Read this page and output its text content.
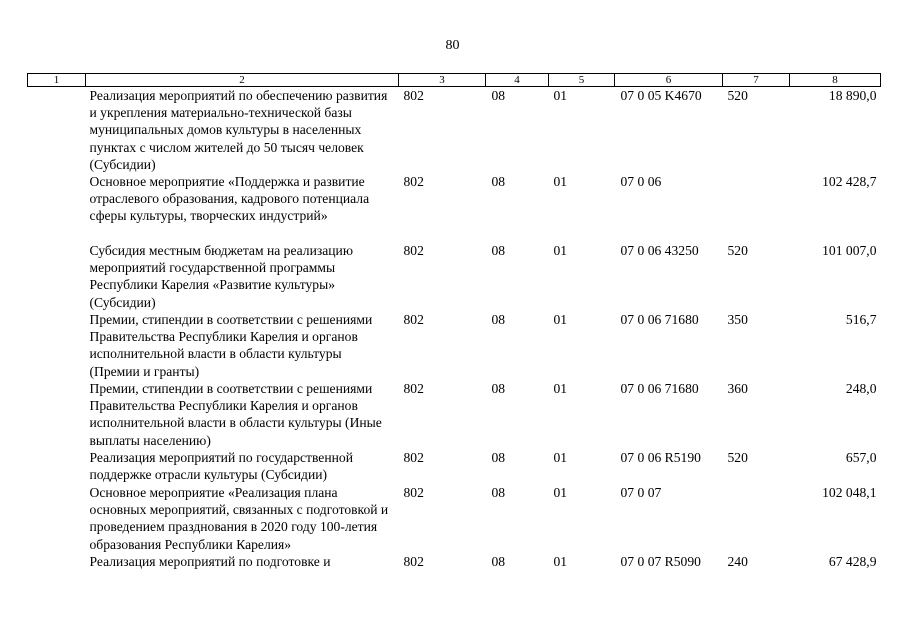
80
1	2	3	4	5	6	7	8
	Реализация мероприятий по обеспечению развития и укрепления материально-технической базы муниципальных домов культуры в населенных пунктах с числом жителей до 50 тысяч человек (Субсидии)	802	08	01	07 0 05 K4670	520	18 890,0
	Основное мероприятие «Поддержка и развитие отраслевого образования, кадрового потенциала сферы культуры, творческих индустрий»	802	08	01	07 0 06		102 428,7
	Субсидия местным бюджетам на реализацию мероприятий государственной программы Республики Карелия «Развитие культуры» (Субсидии)	802	08	01	07 0 06 43250	520	101 007,0
	Премии, стипендии в соответствии с решениями Правительства Республики Карелия и органов исполнительной власти в области культуры (Премии и гранты)	802	08	01	07 0 06 71680	350	516,7
	Премии, стипендии в соответствии с решениями Правительства Республики Карелия и органов исполнительной власти в области культуры (Иные выплаты населению)	802	08	01	07 0 06 71680	360	248,0
	Реализация мероприятий по государственной поддержке отрасли культуры (Субсидии)	802	08	01	07 0 06 R5190	520	657,0
	Основное мероприятие «Реализация плана основных мероприятий, связанных с подготовкой и проведением празднования в 2020 году 100-летия образования Республики Карелия»	802	08	01	07 0 07		102 048,1
	Реализация мероприятий по подготовке и	802	08	01	07 0 07 R5090	240	67 428,9
